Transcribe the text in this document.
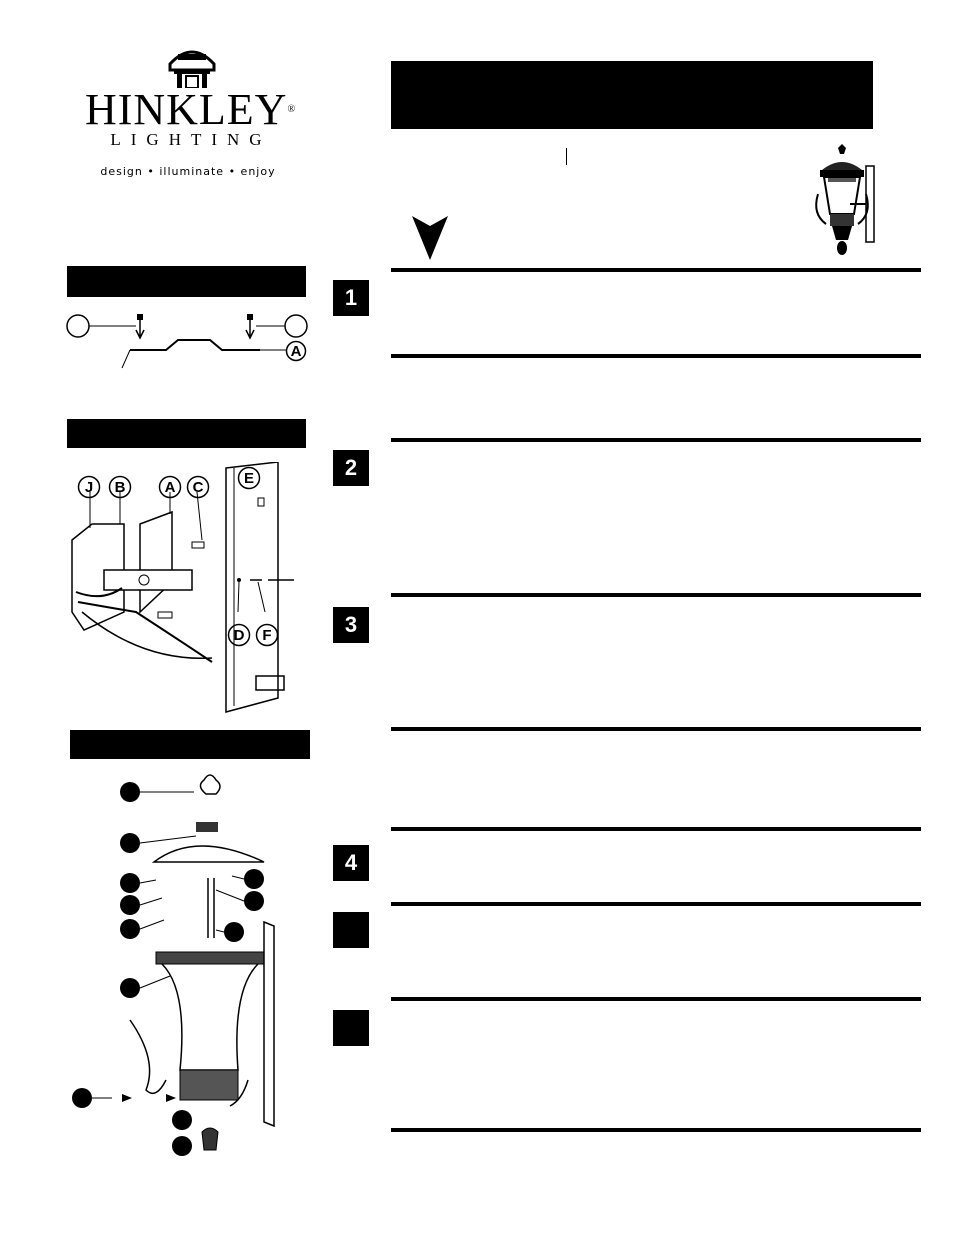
HINKLEY®
LIGHTING
design • illuminate • enjoy
A
J B	A C
E
D F
1
2
3
4
